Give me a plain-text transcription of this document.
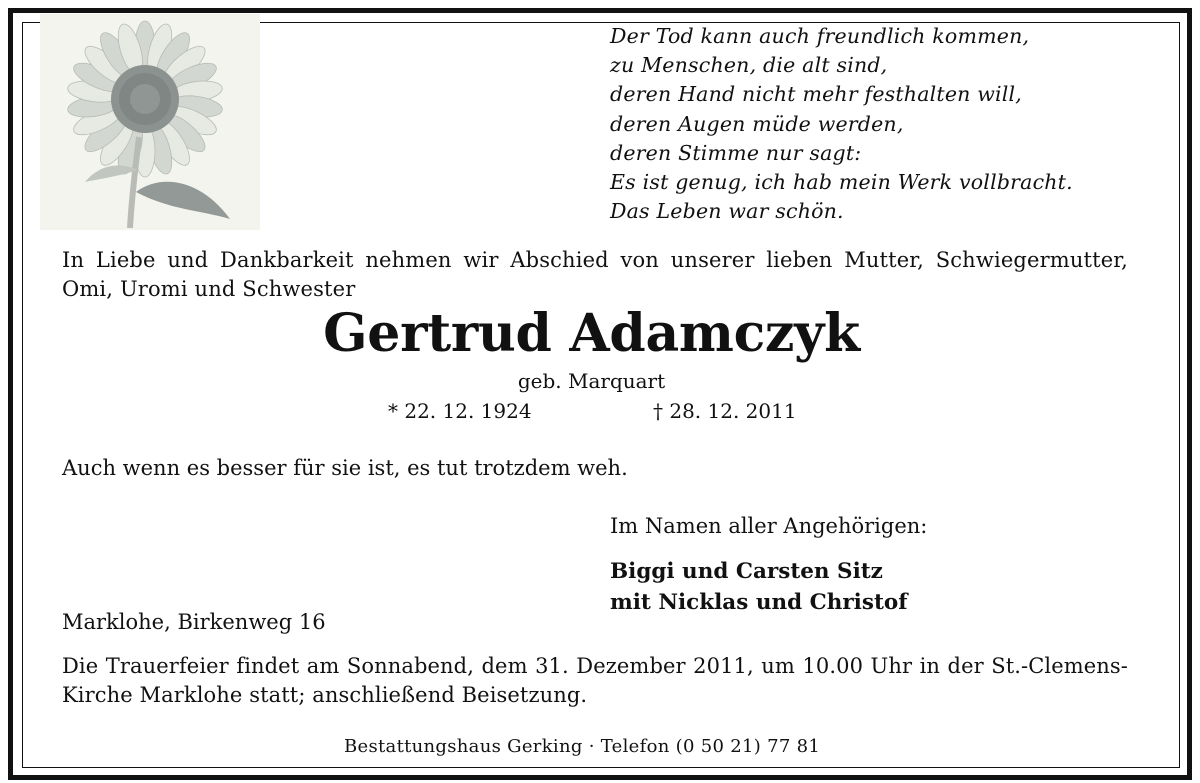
Der Tod kann auch freundlich kommen,
zu Menschen, die alt sind,
deren Hand nicht mehr festhalten will,
deren Augen müde werden,
deren Stimme nur sagt:
Es ist genug, ich hab mein Werk vollbracht.
Das Leben war schön.
In Liebe und Dankbarkeit nehmen wir Abschied von unserer lieben Mutter, Schwiegermutter, Omi, Uromi und Schwester
Gertrud Adamczyk
geb. Marquart
* 22. 12. 1924	† 28. 12. 2011
Auch wenn es besser für sie ist, es tut trotzdem weh.
Im Namen aller Angehörigen:
Biggi und Carsten Sitz
mit Nicklas und Christof
Marklohe, Birkenweg 16
Die Trauerfeier findet am Sonnabend, dem 31. Dezember 2011, um 10.00 Uhr in der St.-Clemens-Kirche Marklohe statt; anschließend Beisetzung.
Bestattungshaus Gerking · Telefon (0 50 21) 77 81
